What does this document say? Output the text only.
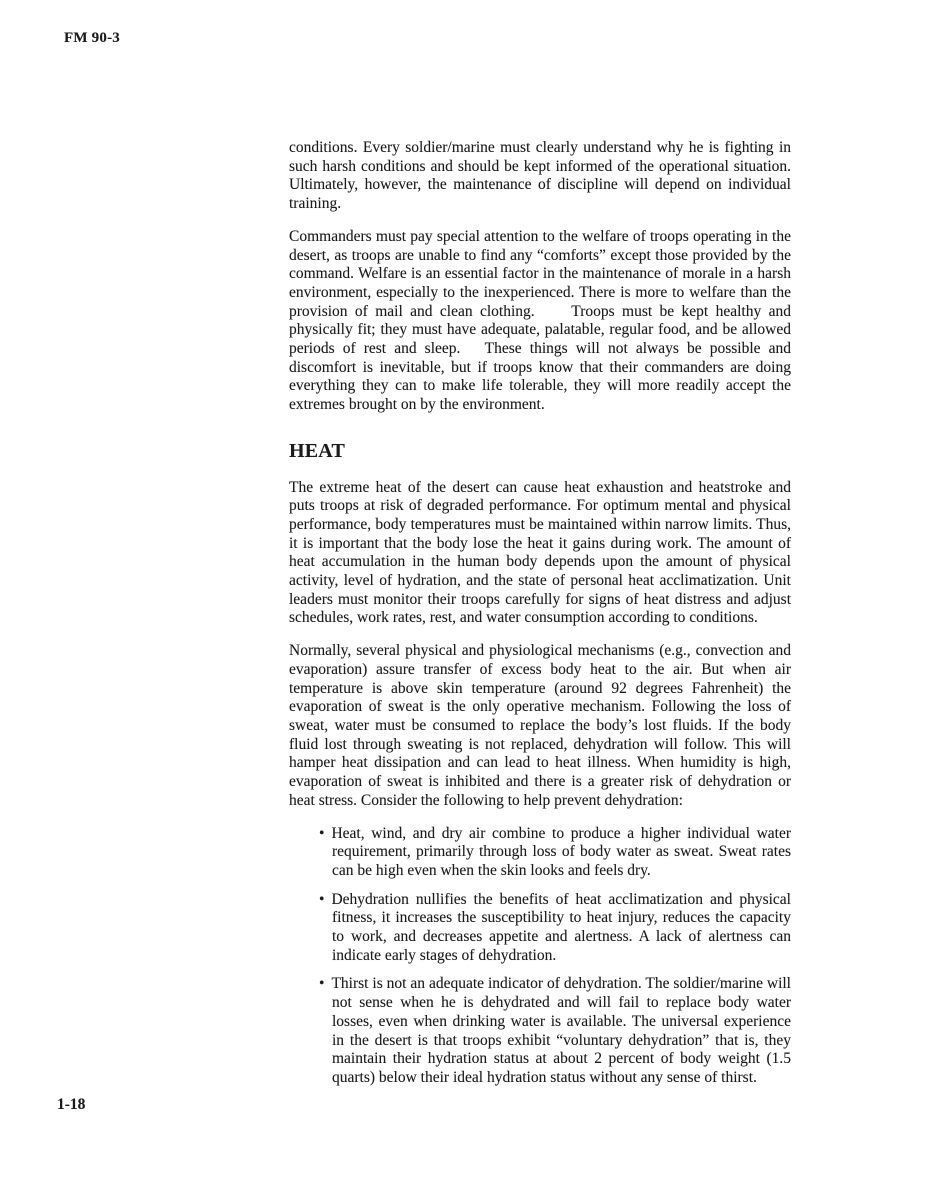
FM 90-3

conditions. Every soldier/marine must clearly understand why he is fighting in such harsh conditions and should be kept informed of the operational situation. Ultimately, however, the maintenance of discipline will depend on individual training.

Commanders must pay special attention to the welfare of troops operating in the desert, as troops are unable to find any “comforts” except those provided by the command. Welfare is an essential factor in the maintenance of morale in a harsh environment, especially to the inexperienced. There is more to welfare than the provision of mail and clean clothing.     Troops must be kept healthy and physically fit; they must have adequate, palatable, regular food, and be allowed periods of rest and sleep.   These things will not always be possible and discomfort is inevitable, but if troops know that their commanders are doing everything they can to make life tolerable, they will more readily accept the extremes brought on by the environment.

HEAT

The extreme heat of the desert can cause heat exhaustion and heatstroke and puts troops at risk of degraded performance. For optimum mental and physical performance, body temperatures must be maintained within narrow limits. Thus, it is important that the body lose the heat it gains during work. The amount of heat accumulation in the human body depends upon the amount of physical activity, level of hydration, and the state of personal heat acclimatization. Unit leaders must monitor their troops carefully for signs of heat distress and adjust schedules, work rates, rest, and water consumption according to conditions.

Normally, several physical and physiological mechanisms (e.g., convection and evaporation) assure transfer of excess body heat to the air. But when air temperature is above skin temperature (around 92 degrees Fahrenheit) the evaporation of sweat is the only operative mechanism. Following the loss of sweat, water must be consumed to replace the body’s lost fluids. If the body fluid lost through sweating is not replaced, dehydration will follow. This will hamper heat dissipation and can lead to heat illness. When humidity is high, evaporation of sweat is inhibited and there is a greater risk of dehydration or heat stress. Consider the following to help prevent dehydration:

• Heat, wind, and dry air combine to produce a higher individual water requirement, primarily through loss of body water as sweat. Sweat rates can be high even when the skin looks and feels dry.
• Dehydration nullifies the benefits of heat acclimatization and physical fitness, it increases the susceptibility to heat injury, reduces the capacity to work, and decreases appetite and alertness. A lack of alertness can indicate early stages of dehydration.
• Thirst is not an adequate indicator of dehydration. The soldier/marine will not sense when he is dehydrated and will fail to replace body water losses, even when drinking water is available. The universal experience in the desert is that troops exhibit “voluntary dehydration” that is, they maintain their hydration status at about 2 percent of body weight (1.5 quarts) below their ideal hydration status without any sense of thirst.
1-18
